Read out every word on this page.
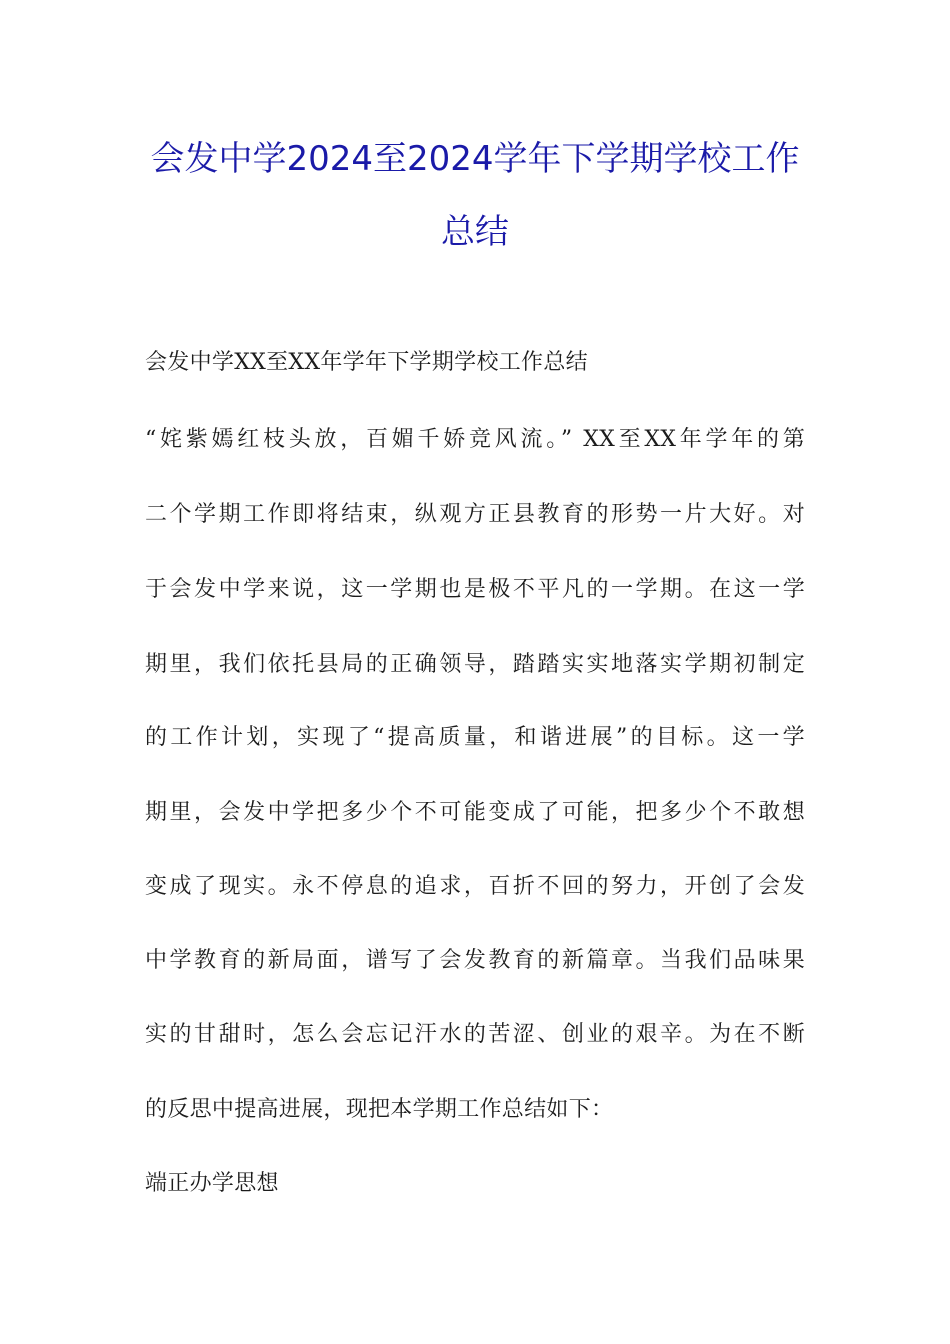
会发中学2024至2024学年下学期学校工作
总结
会发中学XX至XX年学年下学期学校工作总结
“姹紫嫣红枝头放，百媚千娇竞风流。” XX至XX年学年的第
二个学期工作即将结束，纵观方正县教育的形势一片大好。对
于会发中学来说，这一学期也是极不平凡的一学期。在这一学
期里，我们依托县局的正确领导，踏踏实实地落实学期初制定
的工作计划，实现了“提高质量，和谐进展”的目标。这一学
期里，会发中学把多少个不可能变成了可能，把多少个不敢想
变成了现实。永不停息的追求，百折不回的努力，开创了会发
中学教育的新局面，谱写了会发教育的新篇章。当我们品味果
实的甘甜时，怎么会忘记汗水的苦涩、创业的艰辛。为在不断
的反思中提高进展，现把本学期工作总结如下：
端正办学思想
